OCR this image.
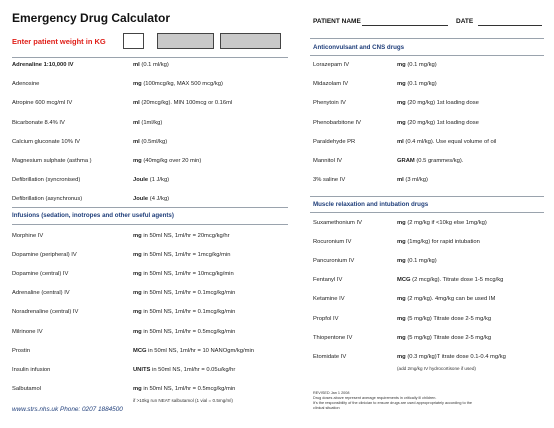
Emergency Drug Calculator
Enter patient weight in KG
PATIENT NAME	DATE
Adrenaline 1:10,000 IV	ml (0.1 ml/kg)
Adenosine	mg (100mcg/kg, MAX 500 mcg/kg)
Atropine 600 mcg/ml IV	ml (20mcg/kg). MIN 100mcg or 0.16ml
Bicarbonate 8.4% IV	ml (1ml/kg)
Calcium gluconate 10% IV	ml (0.5ml/kg)
Magnesium sulphate (asthma )	mg (40mg/kg over 20 min)
Defibrillation (syncronised)	Joule (1 J/kg)
Defibrillation (asynchronus)	Joule (4 J/kg)
Infusions (sedation, inotropes and other useful agents)
Morphine IV	mg in 50ml NS, 1ml/hr = 20mcg/kg/hr
Dopamine (peripheral) IV	mg in 50ml NS, 1ml/hr = 1mcg/kg/min
Dopamine (central) IV	mg in 50ml NS, 1ml/hr = 10mcg/kg/min
Adrenaline (central) IV	mg in 50ml NS, 1ml/hr = 0.1mcg/kg/min
Noradrenaline (central) IV	mg in 50ml NS, 1ml/hr = 0.1mcg/kg/min
Milrinone IV	mg in 50ml NS, 1ml/hr = 0.5mcg/kg/min
Prostin	MCG in 50ml NS, 1ml/hr = 10 NANOgm/kg/min
Insulin infusion	UNITS in 50ml NS, 1ml/hr = 0.05u/kg/hr
Salbutamol	mg in 50ml NS, 1ml/hr = 0.5mcg/kg/min
if >10kg run NEAT salbutamol (1 vial = 0.5mg/ml)
Anticonvulsant and CNS drugs
Lorazepam IV	mg (0.1 mg/kg)
Midazolam IV	mg (0.1 mg/kg)
Phenytoin IV	mg (20 mg/kg) 1st loading dose
Phenobarbitone IV	mg (20 mg/kg) 1st loading dose
Paraldehyde PR	ml (0.4 ml/kg). Use equal volume of oil
Mannitol IV	GRAM (0.5 grammes/kg).
3% saline IV	ml (3 ml/kg)
Muscle relaxation and intubation drugs
Suxamethonium IV	mg (2 mg/kg if <10kg else 1mg/kg)
Rocuronium IV	mg (1mg/kg) for rapid intubation
Pancuronium IV	mg (0.1 mg/kg)
Fentanyl IV	MCG (2 mcg/kg). Titrate dose 1-5 mcg/kg
Ketamine IV	mg (2 mg/kg). 4mg/kg can be used IM
Propfol IV	mg (5 mg/kg) Titrate dose 2-5 mg/kg
Thiopentone IV	mg (5 mg/kg) Titrate dose 2-5 mg/kg
Etomidate IV	mg (0.3 mg/kg)T itrate dose 0.1-0.4 mg/kg
(add 2mg/kg IV hydrocortisone if used)
www.strs.nhs.uk Phone: 0207 1884500
REVISED Jan 1 2008
Drug doses above represent average requirements in critically ill children.
It's the responsibility of the clinician to ensure drugs are used appropropriately according to the
clinical situation
